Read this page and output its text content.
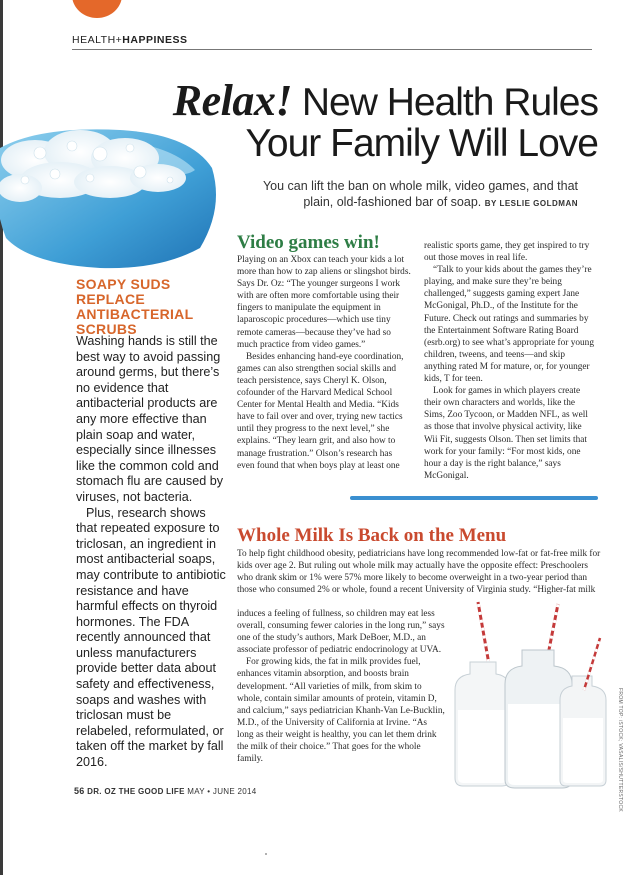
HEALTH+HAPPINESS
Relax! New Health Rules
Your Family Will Love
You can lift the ban on whole milk, video games, and that plain, old-fashioned bar of soap. BY LESLIE GOLDMAN
SOAPY SUDS REPLACE ANTIBACTERIAL SCRUBS

Washing hands is still the best way to avoid passing around germs, but there’s no evidence that antibacterial products are any more effective than plain soap and water, especially since illnesses like the common cold and stomach flu are caused by viruses, not bacteria.

Plus, research shows that repeated exposure to triclosan, an ingredient in most antibacterial soaps, may contribute to antibiotic resistance and have harmful effects on thyroid hormones. The FDA recently announced that unless manufacturers provide better data about safety and effectiveness, soaps and washes with triclosan must be relabeled, reformulated, or taken off the market by fall 2016.

Video games win!

Playing on an Xbox can teach your kids a lot more than how to zap aliens or slingshot birds. Says Dr. Oz: “The younger surgeons I work with are often more comfortable using their fingers to manipulate the equipment in laparoscopic procedures—which use tiny remote cameras—because they’ve had so much practice from video games.”

Besides enhancing hand-eye coordination, games can also strengthen social skills and teach persistence, says Cheryl K. Olson, cofounder of the Harvard Medical School Center for Mental Health and Media. “Kids have to fail over and over, trying new tactics until they progress to the next level,” she explains. “They learn grit, and also how to manage frustration.” Olson’s research has even found that when boys play at least one

realistic sports game, they get inspired to try out those moves in real life.

“Talk to your kids about the games they’re playing, and make sure they’re being challenged,” suggests gaming expert Jane McGonigal, Ph.D., of the Institute for the Future. Check out ratings and summaries by the Entertainment Software Rating Board (esrb.org) to see what’s appropriate for young children, tweens, and teens—and skip anything rated M for mature, or, for younger kids, T for teen.

Look for games in which players create their own characters and worlds, like the Sims, Zoo Tycoon, or Madden NFL, as well as those that involve physical activity, like Wii Fit, suggests Olson. Then set limits that work for your family: “For most kids, one hour a day is the right balance,” says McGonigal.

Whole Milk Is Back on the Menu

To help fight childhood obesity, pediatricians have long recommended low-fat or fat-free milk for kids over age 2. But ruling out whole milk may actually have the opposite effect: Preschoolers who drank skim or 1% were 57% more likely to become overweight in a two-year period than those who consumed 2% or whole, found a recent University of Virginia study. “Higher-fat milk

induces a feeling of fullness, so children may eat less overall, consuming fewer calories in the long run,” says one of the study’s authors, Mark DeBoer, M.D., an associate professor of pediatric endocrinology at UVA.

For growing kids, the fat in milk provides fuel, enhances vitamin absorption, and boosts brain development. “All varieties of milk, from skim to whole, contain similar amounts of protein, vitamin D, and calcium,” says pediatrician Khanh-Van Le-Bucklin, M.D., of the University of California at Irvine. “As long as their weight is healthy, you can let them drink the milk of their choice.” That goes for the whole family.	FROM TOP: iSTOCK; VASALIS/SHUTTERSTOCK
56 DR. OZ THE GOOD LIFE MAY • JUNE 2014
